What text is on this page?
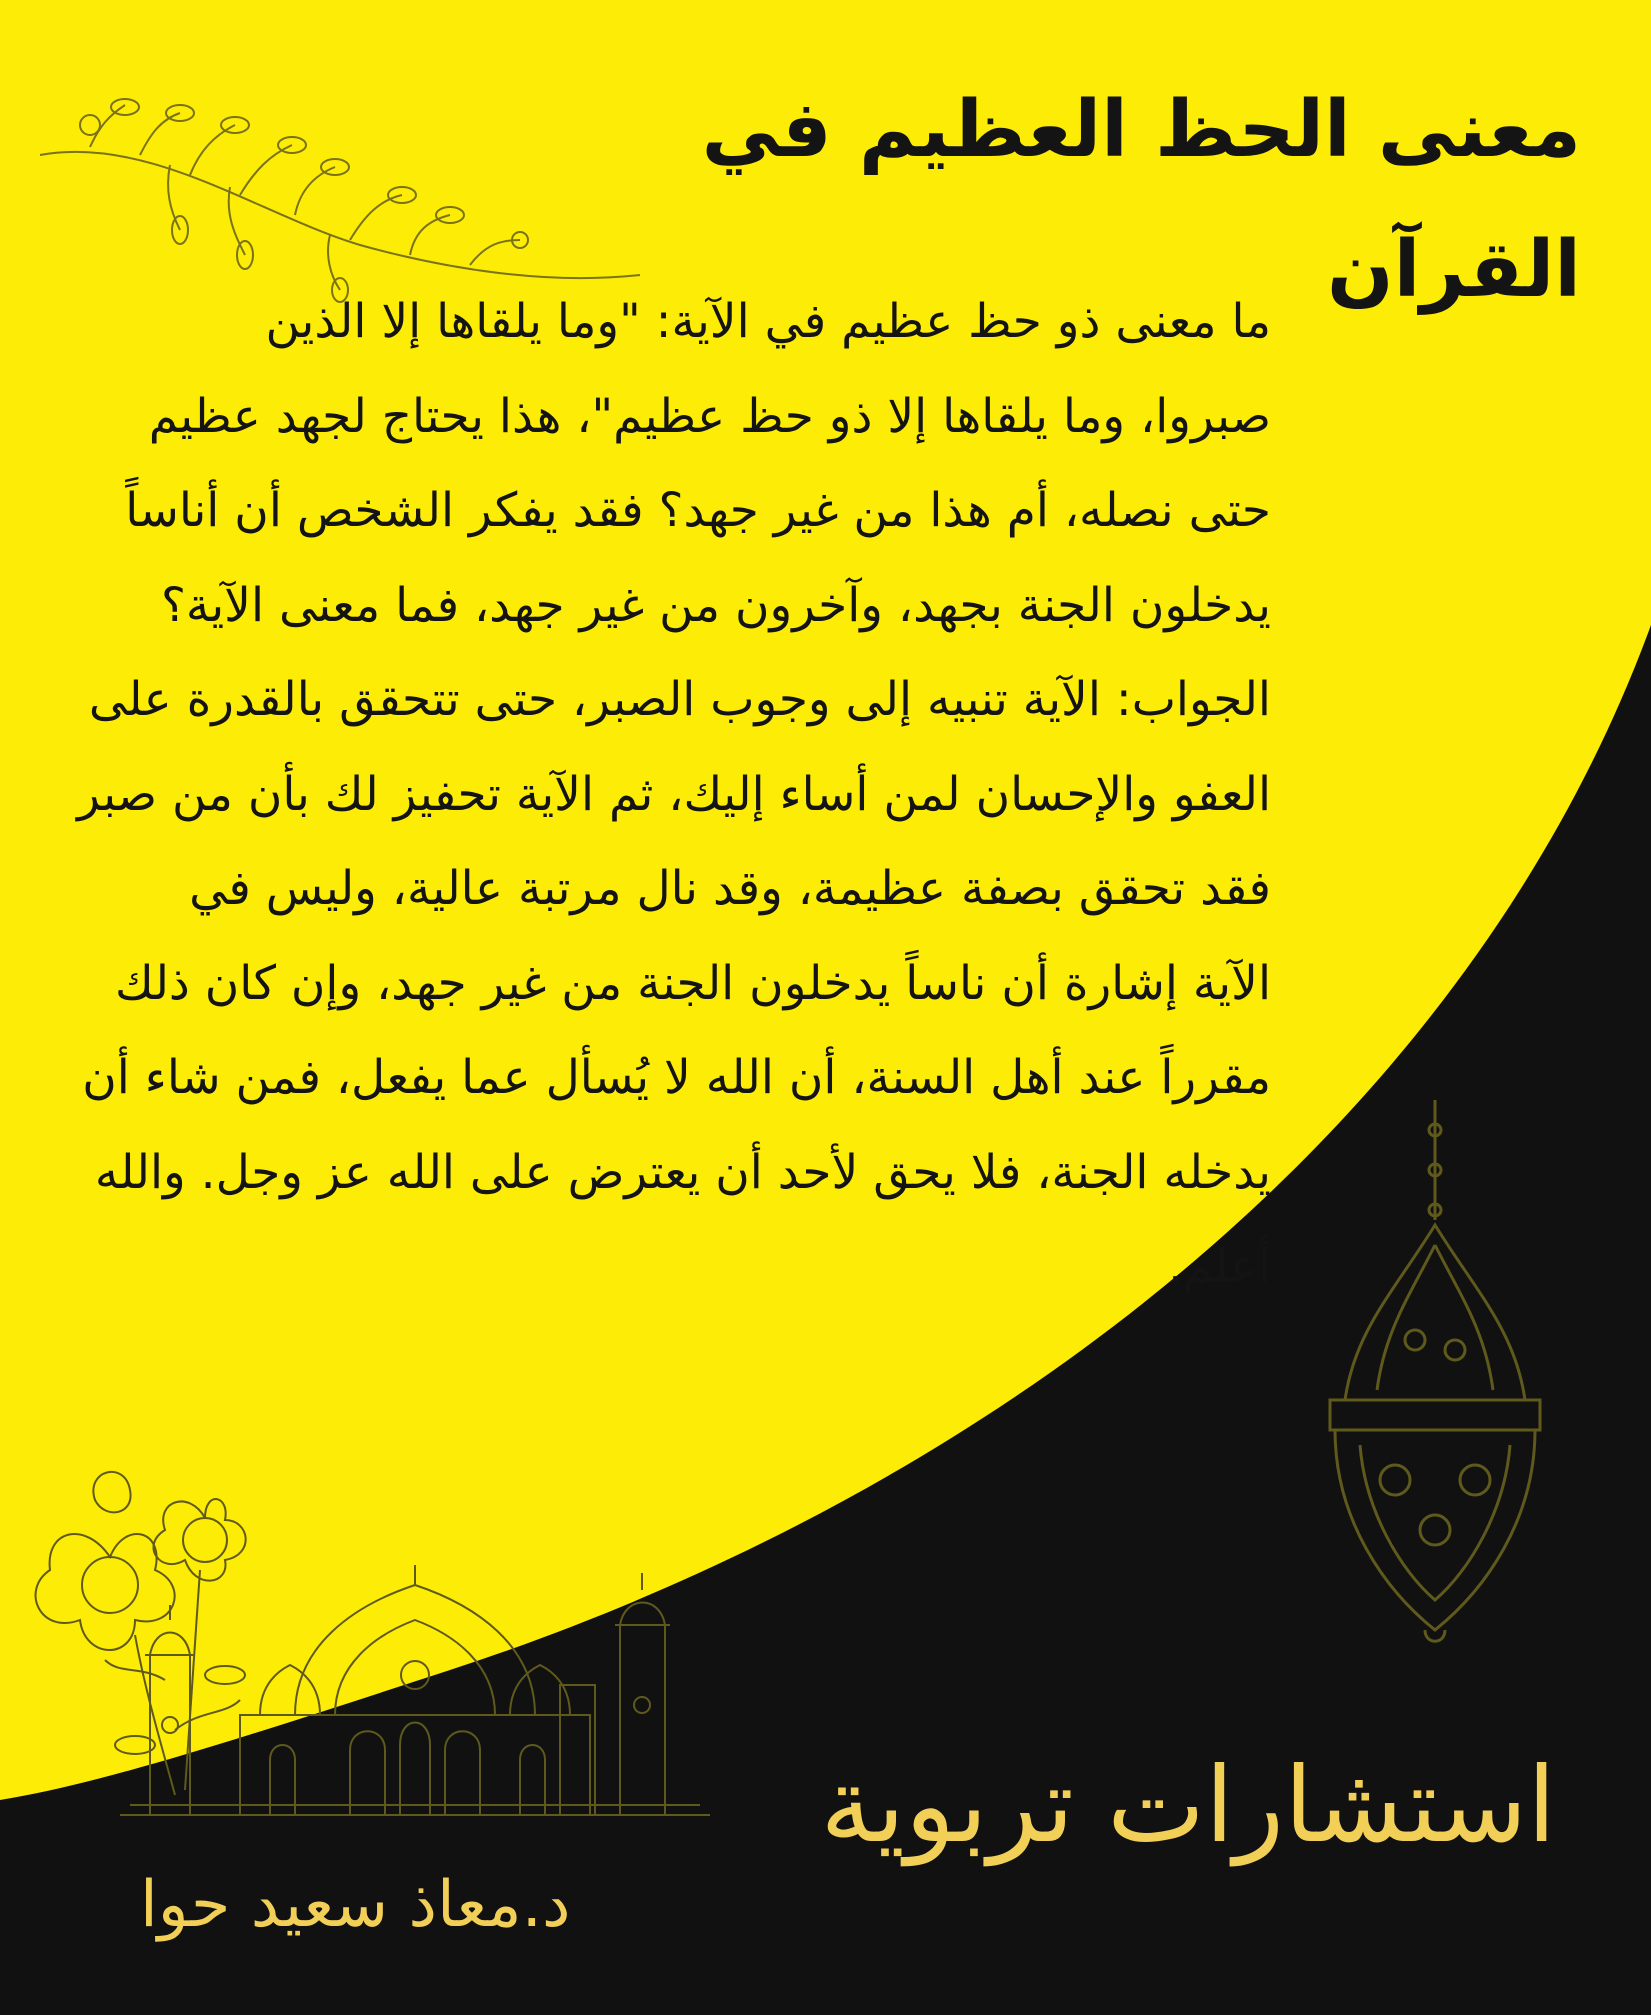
معنى الحظ العظيم في
القرآن
ما معنى ذو حظ عظيم في الآية: "وما يلقاها إلا الذين
صبروا، وما يلقاها إلا ذو حظ عظيم"، هذا يحتاج لجهد عظيم
حتى نصله، أم هذا من غير جهد؟ فقد يفكر الشخص أن أناساً
يدخلون الجنة بجهد، وآخرون من غير جهد، فما معنى الآية؟
الجواب: الآية تنبيه إلى وجوب الصبر، حتى تتحقق بالقدرة على
العفو والإحسان لمن أساء إليك، ثم الآية تحفيز لك بأن من صبر
فقد تحقق بصفة عظيمة، وقد نال مرتبة عالية، وليس في
الآية إشارة أن ناساً يدخلون الجنة من غير جهد، وإن كان ذلك
مقرراً عند أهل السنة، أن الله لا يُسأل عما يفعل، فمن شاء أن
يدخله الجنة، فلا يحق لأحد أن يعترض على الله عز وجل. والله
أعلم.

استشارات تربوية

د.معاذ سعيد حوا
